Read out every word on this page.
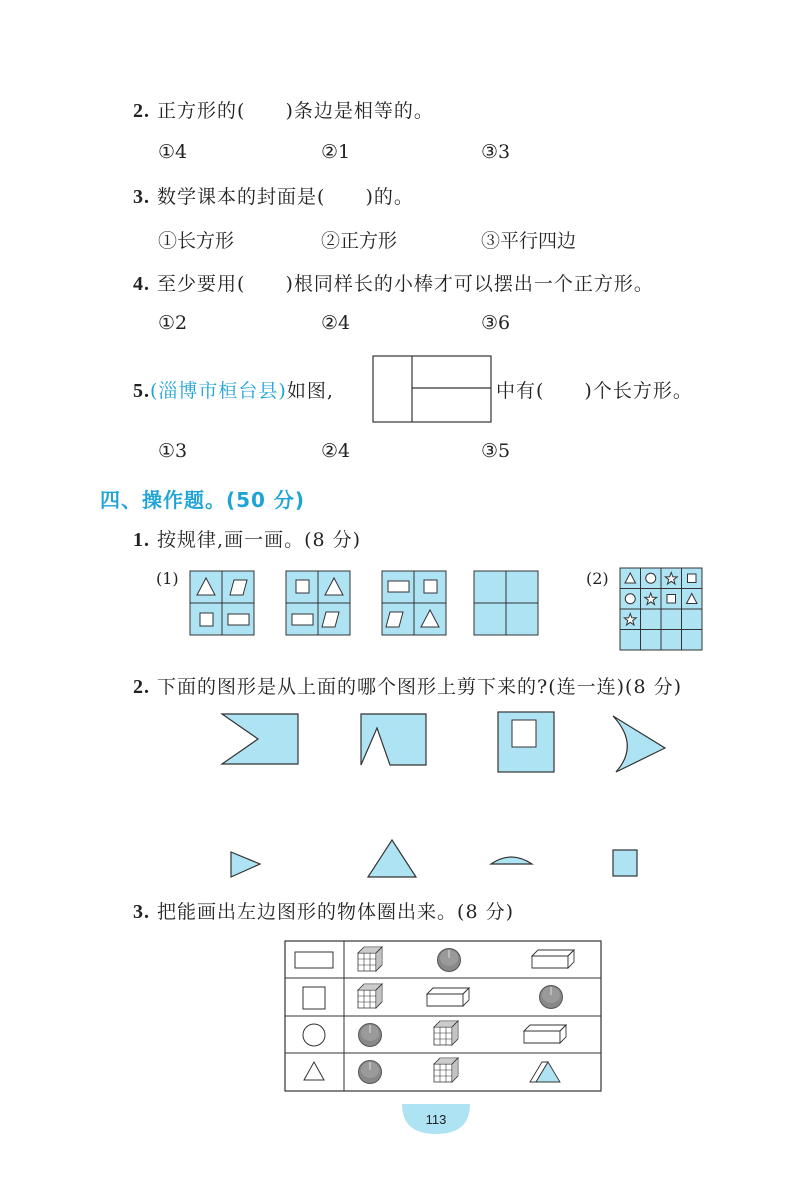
2. 正方形的(　　)条边是相等的。
①4	②1	③3
3. 数学课本的封面是(　　)的。
①长方形	②正方形	③平行四边
4. 至少要用(　　)根同样长的小棒才可以摆出一个正方形。
①2	②4	③6
5.(淄博市桓台县)如图,	中有(　　)个长方形。
①3	②4	③5
四、操作题。(50 分)
1. 按规律,画一画。(8 分)
(1)	(2)
2. 下面的图形是从上面的哪个图形上剪下来的?(连一连)(8 分)
3. 把能画出左边图形的物体圈出来。(8 分)
113
